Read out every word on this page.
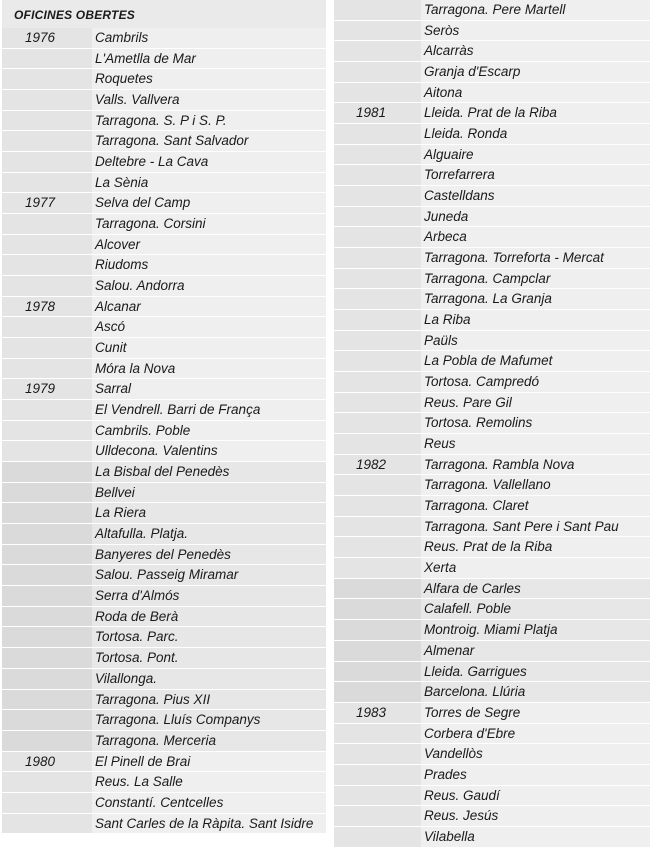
OFICINES OBERTES
1976	Cambrils
L'Ametlla de Mar
Roquetes
Valls. Vallvera
Tarragona. S. P i S. P.
Tarragona. Sant Salvador
Deltebre - La Cava
La Sènia
1977	Selva del Camp
Tarragona. Corsini
Alcover
Riudoms
Salou. Andorra
1978	Alcanar
Ascó
Cunit
Móra la Nova
1979	Sarral
El Vendrell. Barri de França
Cambrils. Poble
Ulldecona. Valentins
La Bisbal del Penedès
Bellvei
La Riera
Altafulla. Platja.
Banyeres del Penedès
Salou. Passeig Miramar
Serra d'Almós
Roda de Berà
Tortosa. Parc.
Tortosa. Pont.
Vilallonga.
Tarragona. Pius XII
Tarragona. Lluís Companys
Tarragona. Merceria
1980	El Pinell de Brai
Reus. La Salle
Constantí. Centcelles
Sant Carles de la Ràpita. Sant Isidre
Tarragona. Pere Martell
Seròs
Alcarràs
Granja d'Escarp
Aitona
1981	Lleida. Prat de la Riba
Lleida. Ronda
Alguaire
Torrefarrera
Castelldans
Juneda
Arbeca
Tarragona. Torreforta - Mercat
Tarragona. Campclar
Tarragona. La Granja
La Riba
Paüls
La Pobla de Mafumet
Tortosa. Campredó
Reus. Pare Gil
Tortosa. Remolins
Reus
1982	Tarragona. Rambla Nova
Tarragona. Vallellano
Tarragona. Claret
Tarragona. Sant Pere i Sant Pau
Reus. Prat de la Riba
Xerta
Alfara de Carles
Calafell. Poble
Montroig. Miami Platja
Almenar
Lleida. Garrigues
Barcelona. Llúria
1983	Torres de Segre
Corbera d'Ebre
Vandellòs
Prades
Reus. Gaudí
Reus. Jesús
Vilabella
